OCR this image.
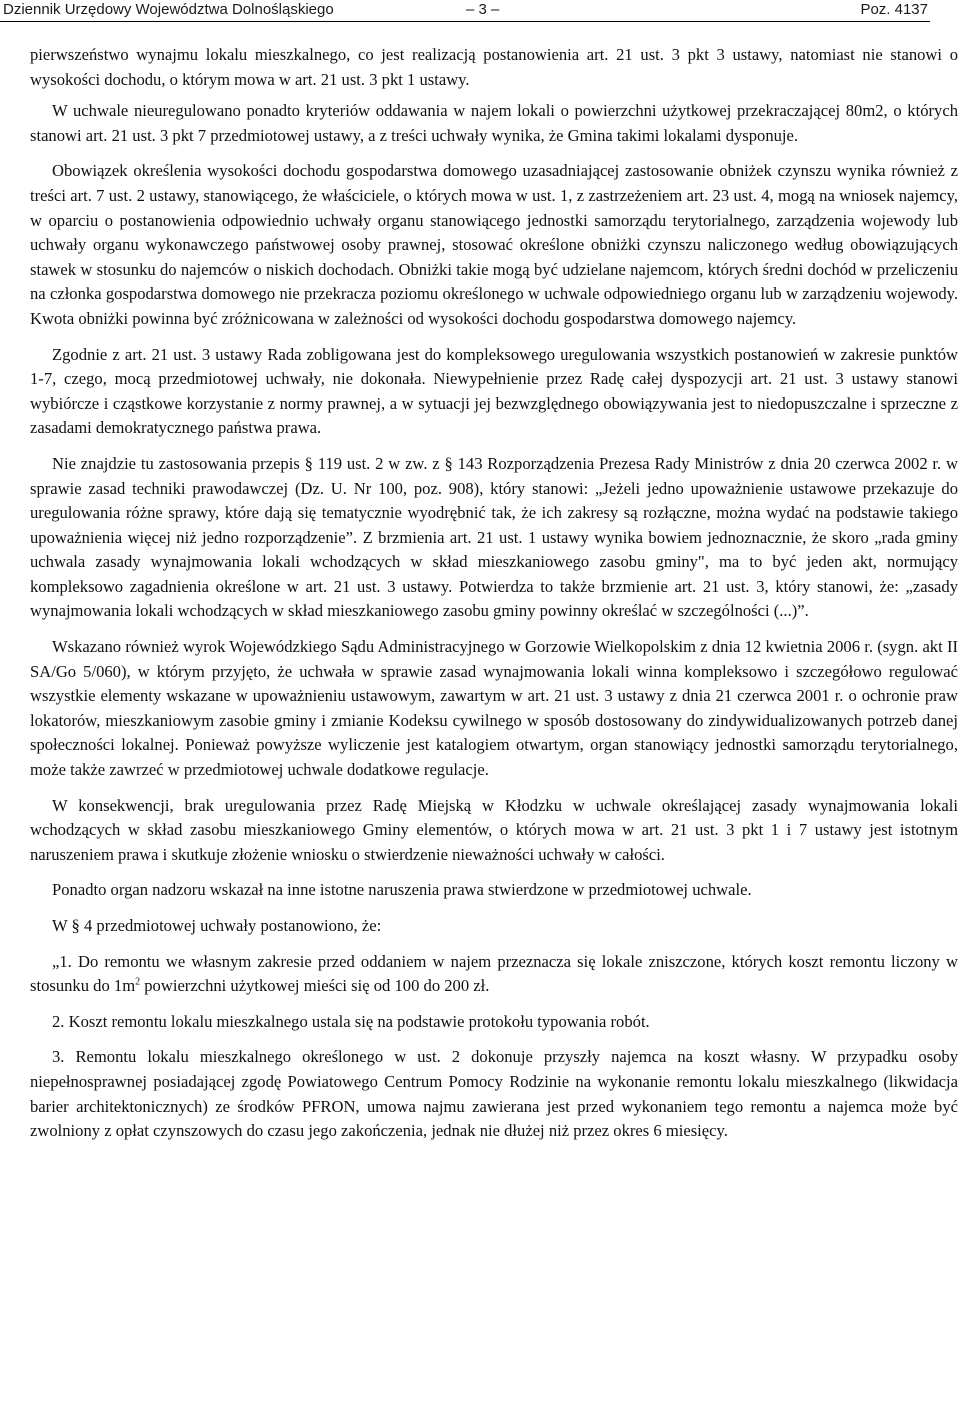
Dziennik Urzędowy Województwa Dolnośląskiego	– 3 –	Poz. 4137

pierwszeństwo wynajmu lokalu mieszkalnego, co jest realizacją postanowienia art. 21 ust. 3 pkt 3 ustawy, natomiast nie stanowi o wysokości dochodu, o którym mowa w art. 21 ust. 3 pkt 1 ustawy.

W uchwale nieuregulowano ponadto kryteriów oddawania w najem lokali o powierzchni użytkowej przekraczającej 80m2, o których stanowi art. 21 ust. 3 pkt 7 przedmiotowej ustawy, a z treści uchwały wynika, że Gmina takimi lokalami dysponuje.

Obowiązek określenia wysokości dochodu gospodarstwa domowego uzasadniającej zastosowanie obniżek czynszu wynika również z treści art. 7 ust. 2 ustawy, stanowiącego, że właściciele, o których mowa w ust. 1, z zastrzeżeniem art. 23 ust. 4, mogą na wniosek najemcy, w oparciu o postanowienia odpowiednio uchwały organu stanowiącego jednostki samorządu terytorialnego, zarządzenia wojewody lub uchwały organu wykonawczego państwowej osoby prawnej, stosować określone obniżki czynszu naliczonego według obowiązujących stawek w stosunku do najemców o niskich dochodach. Obniżki takie mogą być udzielane najemcom, których średni dochód w przeliczeniu na członka gospodarstwa domowego nie przekracza poziomu określonego w uchwale odpowiedniego organu lub w zarządzeniu wojewody. Kwota obniżki powinna być zróżnicowana w zależności od wysokości dochodu gospodarstwa domowego najemcy.

Zgodnie z art. 21 ust. 3 ustawy Rada zobligowana jest do kompleksowego uregulowania wszystkich postanowień w zakresie punktów 1-7, czego, mocą przedmiotowej uchwały, nie dokonała. Niewypełnienie przez Radę całej dyspozycji art. 21 ust. 3 ustawy stanowi wybiórcze i cząstkowe korzystanie z normy prawnej, a w sytuacji jej bezwzględnego obowiązywania jest to niedopuszczalne i sprzeczne z zasadami demokratycznego państwa prawa.

Nie znajdzie tu zastosowania przepis § 119 ust. 2 w zw. z § 143 Rozporządzenia Prezesa Rady Ministrów z dnia 20 czerwca 2002 r. w sprawie zasad techniki prawodawczej (Dz. U. Nr 100, poz. 908), który stanowi: „Jeżeli jedno upoważnienie ustawowe przekazuje do uregulowania różne sprawy, które dają się tematycznie wyodrębnić tak, że ich zakresy są rozłączne, można wydać na podstawie takiego upoważnienia więcej niż jedno rozporządzenie”. Z brzmienia art. 21 ust. 1 ustawy wynika bowiem jednoznacznie, że skoro „rada gminy uchwala zasady wynajmowania lokali wchodzących w skład mieszkaniowego zasobu gminy", ma to być jeden akt, normujący kompleksowo zagadnienia określone w art. 21 ust. 3 ustawy. Potwierdza to także brzmienie art. 21 ust. 3, który stanowi, że: „zasady wynajmowania lokali wchodzących w skład mieszkaniowego zasobu gminy powinny określać w szczególności (...)”.

Wskazano również wyrok Wojewódzkiego Sądu Administracyjnego w Gorzowie Wielkopolskim z dnia 12 kwietnia 2006 r. (sygn. akt II SA/Go 5/060), w którym przyjęto, że uchwała w sprawie zasad wynajmowania lokali winna kompleksowo i szczegółowo regulować wszystkie elementy wskazane w upoważnieniu ustawowym, zawartym w art. 21 ust. 3 ustawy z dnia 21 czerwca 2001 r. o ochronie praw lokatorów, mieszkaniowym zasobie gminy i zmianie Kodeksu cywilnego w sposób dostosowany do zindywidualizowanych potrzeb danej społeczności lokalnej. Ponieważ powyższe wyliczenie jest katalogiem otwartym, organ stanowiący jednostki samorządu terytorialnego, może także zawrzeć w przedmiotowej uchwale dodatkowe regulacje.

W konsekwencji, brak uregulowania przez Radę Miejską w Kłodzku w uchwale określającej zasady wynajmowania lokali wchodzących w skład zasobu mieszkaniowego Gminy elementów, o których mowa w art. 21 ust. 3 pkt 1 i 7 ustawy jest istotnym naruszeniem prawa i skutkuje złożenie wniosku o stwierdzenie nieważności uchwały w całości.

Ponadto organ nadzoru wskazał na inne istotne naruszenia prawa stwierdzone w przedmiotowej uchwale.

W § 4 przedmiotowej uchwały postanowiono, że:

„1. Do remontu we własnym zakresie przed oddaniem w najem przeznacza się lokale zniszczone, których koszt remontu liczony w stosunku do $1m^2$ powierzchni użytkowej mieści się od 100 do 200 zł.

2. Koszt remontu lokalu mieszkalnego ustala się na podstawie protokołu typowania robót.

3. Remontu lokalu mieszkalnego określonego w ust. 2 dokonuje przyszły najemca na koszt własny. W przypadku osoby niepełnosprawnej posiadającej zgodę Powiatowego Centrum Pomocy Rodzinie na wykonanie remontu lokalu mieszkalnego (likwidacja barier architektonicznych) ze środków PFRON, umowa najmu zawierana jest przed wykonaniem tego remontu a najemca może być zwolniony z opłat czynszowych do czasu jego zakończenia, jednak nie dłużej niż przez okres 6 miesięcy.
